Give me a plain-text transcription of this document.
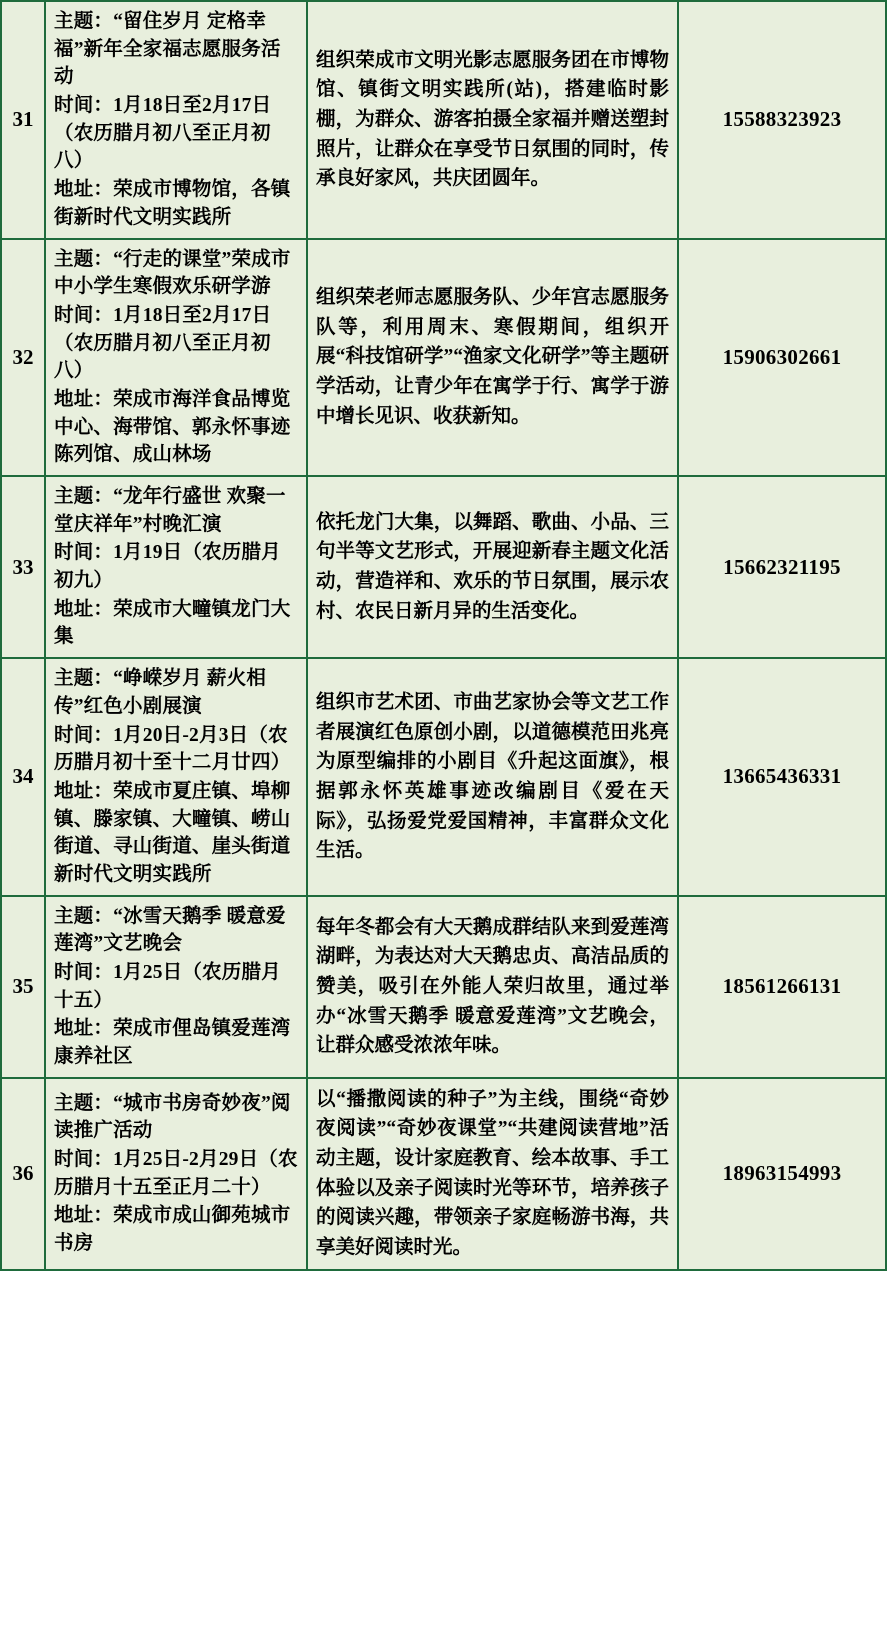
31	主题：“留住岁月 定格幸福”新年全家福志愿服务活动
时间：1月18日至2月17日（农历腊月初八至正月初八）
地址：荣成市博物馆，各镇街新时代文明实践所	组织荣成市文明光影志愿服务团在市博物馆、镇街文明实践所(站)，搭建临时影棚，为群众、游客拍摄全家福并赠送塑封照片，让群众在享受节日氛围的同时，传承良好家风，共庆团圆年。	15588323923
32	主题：“行走的课堂”荣成市中小学生寒假欢乐研学游
时间：1月18日至2月17日（农历腊月初八至正月初八）
地址：荣成市海洋食品博览中心、海带馆、郭永怀事迹陈列馆、成山林场	组织荣老师志愿服务队、少年宫志愿服务队等，利用周末、寒假期间，组织开展“科技馆研学”“渔家文化研学”等主题研学活动，让青少年在寓学于行、寓学于游中增长见识、收获新知。	15906302661
33	主题：“龙年行盛世 欢聚一堂庆祥年”村晚汇演
时间：1月19日（农历腊月初九）
地址：荣成市大疃镇龙门大集	依托龙门大集，以舞蹈、歌曲、小品、三句半等文艺形式，开展迎新春主题文化活动，营造祥和、欢乐的节日氛围，展示农村、农民日新月异的生活变化。	15662321195
34	主题：“峥嵘岁月 薪火相传”红色小剧展演
时间：1月20日-2月3日（农历腊月初十至十二月廿四）
地址：荣成市夏庄镇、埠柳镇、滕家镇、大疃镇、崂山街道、寻山街道、崖头街道新时代文明实践所	组织市艺术团、市曲艺家协会等文艺工作者展演红色原创小剧，以道德模范田兆亮为原型编排的小剧目《升起这面旗》，根据郭永怀英雄事迹改编剧目《爱在天际》，弘扬爱党爱国精神，丰富群众文化生活。	13665436331
35	主题：“冰雪天鹅季 暖意爱莲湾”文艺晚会
时间：1月25日（农历腊月十五）
地址：荣成市俚岛镇爱莲湾康养社区	每年冬都会有大天鹅成群结队来到爱莲湾湖畔，为表达对大天鹅忠贞、高洁品质的赞美，吸引在外能人荣归故里，通过举办“冰雪天鹅季 暖意爱莲湾”文艺晚会，让群众感受浓浓年味。	18561266131
36	主题：“城市书房奇妙夜”阅读推广活动
时间：1月25日-2月29日（农历腊月十五至正月二十）
地址：荣成市成山御苑城市书房	以“播撒阅读的种子”为主线，围绕“奇妙夜阅读”“奇妙夜课堂”“共建阅读营地”活动主题，设计家庭教育、绘本故事、手工体验以及亲子阅读时光等环节，培养孩子的阅读兴趣，带领亲子家庭畅游书海，共享美好阅读时光。	18963154993
